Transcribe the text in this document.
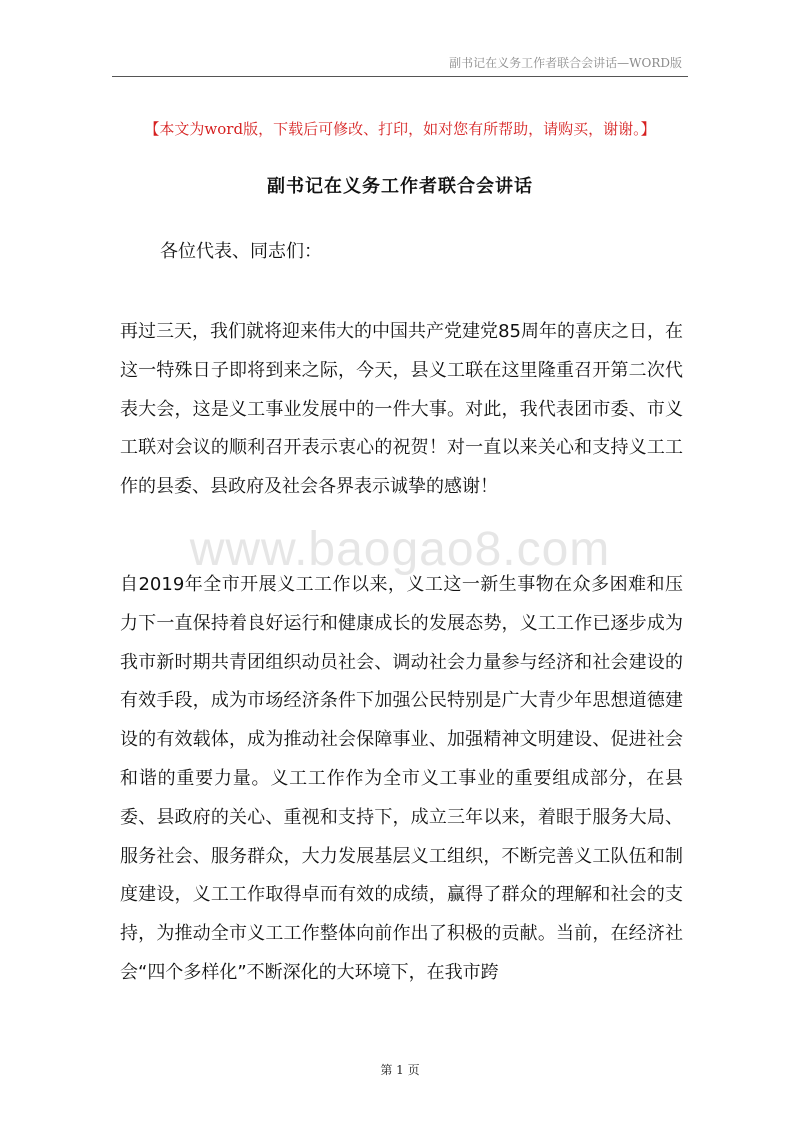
副书记在义务工作者联合会讲话—WORD版
【本文为word版，下载后可修改、打印，如对您有所帮助，请购买，谢谢。】
副书记在义务工作者联合会讲话
各位代表、同志们：

再过三天，我们就将迎来伟大的中国共产党建党85周年的喜庆之日，在这一特殊日子即将到来之际，今天，县义工联在这里隆重召开第二次代表大会，这是义工事业发展中的一件大事。对此，我代表团市委、市义工联对会议的顺利召开表示衷心的祝贺！对一直以来关心和支持义工工作的县委、县政府及社会各界表示诚挚的感谢！

www.baogao8.com

自2019年全市开展义工工作以来，义工这一新生事物在众多困难和压力下一直保持着良好运行和健康成长的发展态势，义工工作已逐步成为我市新时期共青团组织动员社会、调动社会力量参与经济和社会建设的有效手段，成为市场经济条件下加强公民特别是广大青少年思想道德建设的有效载体，成为推动社会保障事业、加强精神文明建设、促进社会和谐的重要力量。义工工作作为全市义工事业的重要组成部分，在县委、县政府的关心、重视和支持下，成立三年以来，着眼于服务大局、服务社会、服务群众，大力发展基层义工组织，不断完善义工队伍和制度建设，义工工作取得卓而有效的成绩，赢得了群众的理解和社会的支持，为推动全市义工工作整体向前作出了积极的贡献。当前，在经济社会“四个多样化”不断深化的大环境下，在我市跨

第 1 页
